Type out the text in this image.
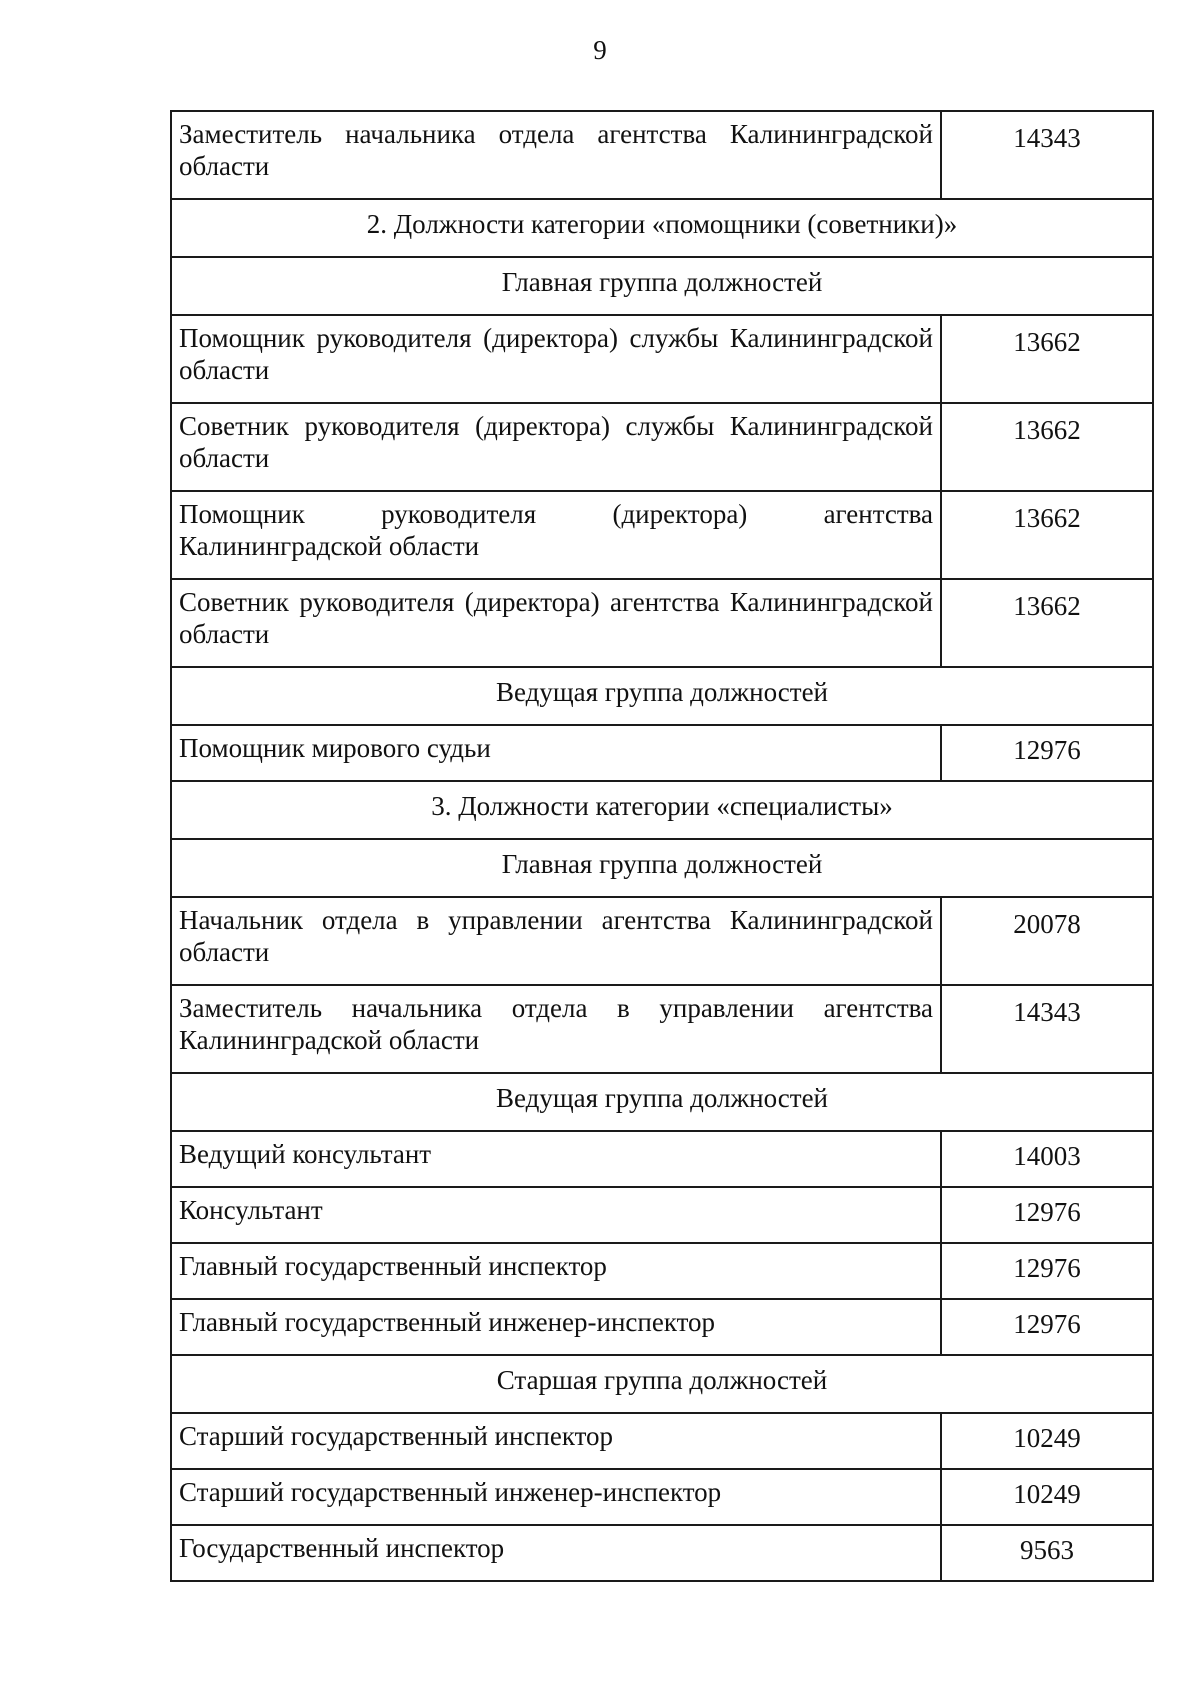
9
Заместитель начальника отдела агентства Калининградской области	14343
2. Должности категории «помощники (советники)»	
Главная группа должностей	
Помощник руководителя (директора) службы Калининградской области	13662
Советник руководителя (директора) службы Калининградской области	13662
Помощник руководителя (директора) агентства Калининградской области	13662
Советник руководителя (директора) агентства Калининградской области	13662
Ведущая группа должностей	
Помощник мирового судьи	12976
3. Должности категории «специалисты»	
Главная группа должностей	
Начальник отдела в управлении агентства Калининградской области	20078
Заместитель начальника отдела в управлении агентства Калининградской области	14343
Ведущая группа должностей	
Ведущий консультант	14003
Консультант	12976
Главный государственный инспектор	12976
Главный государственный инженер-инспектор	12976
Старшая группа должностей	
Старший государственный инспектор	10249
Старший государственный инженер-инспектор	10249
Государственный инспектор	9563
